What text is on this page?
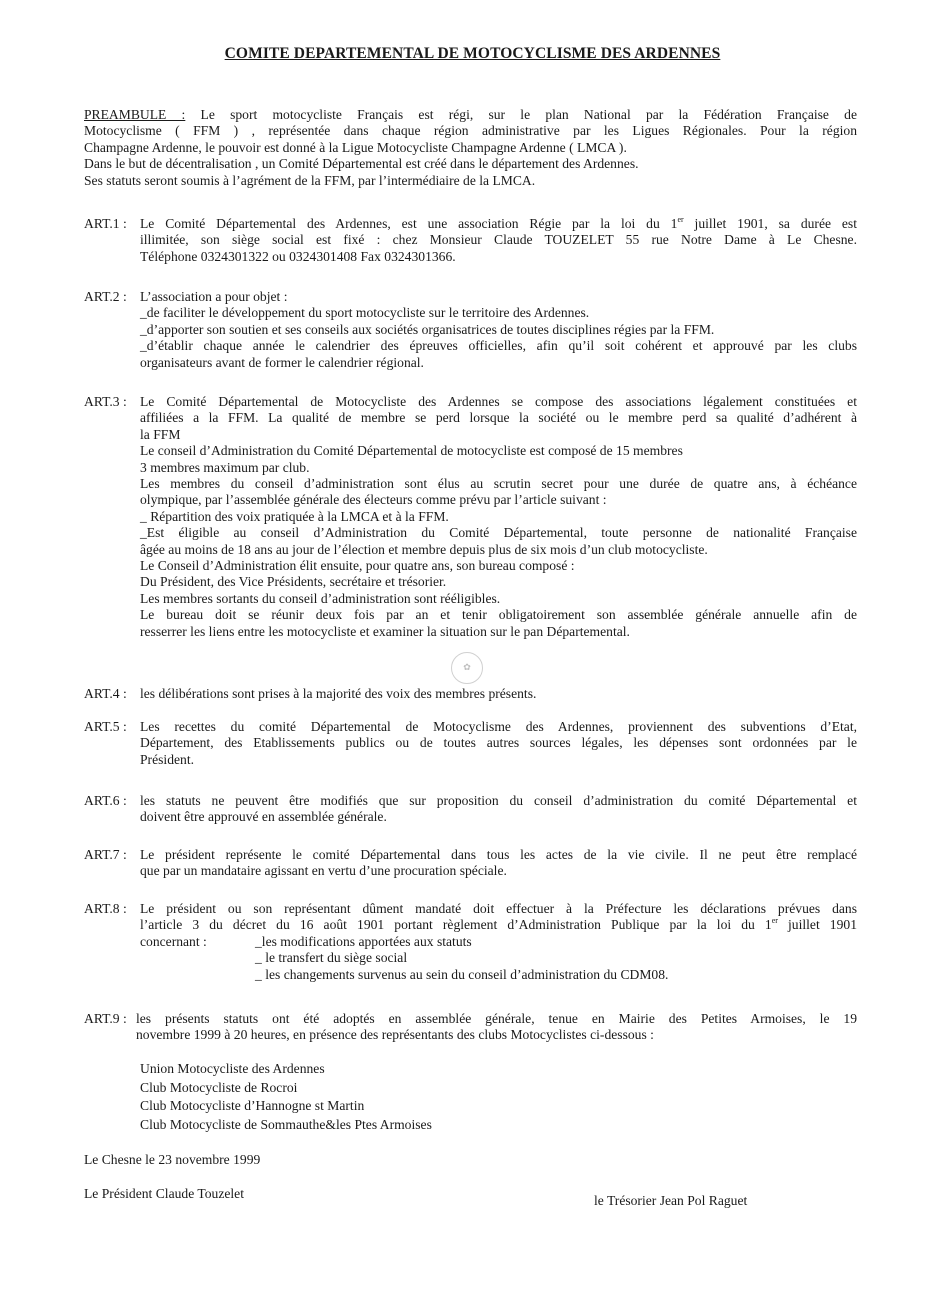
COMITE DEPARTEMENTAL DE MOTOCYCLISME DES ARDENNES
PREAMBULE : Le sport motocycliste Français est régi, sur le plan National par la Fédération Française de
Motocyclisme ( FFM ) , représentée dans chaque région administrative par les Ligues Régionales. Pour la région
Champagne Ardenne, le pouvoir est donné à la Ligue Motocycliste Champagne Ardenne ( LMCA ).
Dans le but de décentralisation , un Comité Départemental est créé dans le département des Ardennes.
Ses statuts seront soumis à l’agrément de la FFM, par l’intermédiaire de la LMCA.
ART.1 : Le Comité Départemental des Ardennes, est une association Régie par la loi du 1er juillet 1901, sa durée est
illimitée, son siège social est fixé : chez Monsieur Claude TOUZELET 55 rue Notre Dame à Le Chesne.
Téléphone 0324301322 ou 0324301408 Fax 0324301366.
ART.2 : L’association a pour objet :
_de faciliter le développement du sport motocycliste sur le territoire des Ardennes.
_d’apporter son soutien et ses conseils aux sociétés organisatrices de toutes disciplines régies par la FFM.
_d’établir chaque année le calendrier des épreuves officielles, afin qu’il soit cohérent et approuvé par les clubs
organisateurs avant de former le calendrier régional.
ART.3 : Le Comité Départemental de Motocycliste des Ardennes se compose des associations légalement constituées et
affiliées a la FFM. La qualité de membre se perd lorsque la société ou le membre perd sa qualité d’adhérent à
la FFM
Le conseil d’Administration du Comité Départemental de motocycliste est composé de 15 membres
3 membres maximum par club.
Les membres du conseil d’administration sont élus au scrutin secret pour une durée de quatre ans, à échéance
olympique, par l’assemblée générale des électeurs comme prévu par l’article suivant :
_ Répartition des voix pratiquée à la LMCA et à la FFM.
_Est éligible au conseil d’Administration du Comité Départemental, toute personne de nationalité Française
âgée au moins de 18 ans au jour de l’élection et membre depuis plus de six mois d’un club motocycliste.
Le Conseil d’Administration élit ensuite, pour quatre ans, son bureau composé :
Du Président, des Vice Présidents, secrétaire et trésorier.
Les membres sortants du conseil d’administration sont rééligibles.
Le bureau doit se réunir deux fois par an et tenir obligatoirement son assemblée générale annuelle afin de
resserrer les liens entre les motocycliste et examiner la situation sur le pan Départemental.
✿
ART.4 : les délibérations sont prises à la majorité des voix des membres présents.
ART.5 : Les recettes du comité Départemental de Motocyclisme des Ardennes, proviennent des subventions d’Etat,
Département, des Etablissements publics ou de toutes autres sources légales, les dépenses sont ordonnées par le
Président.
ART.6 : les statuts ne peuvent être modifiés que sur proposition du conseil d’administration du comité Départemental et
doivent être approuvé en assemblée générale.
ART.7 : Le président représente le comité Départemental dans tous les actes de la vie civile. Il ne peut être remplacé
que par un mandataire agissant en vertu d’une procuration spéciale.
ART.8 : Le président ou son représentant dûment mandaté doit effectuer à la Préfecture les déclarations prévues dans
l’article 3 du décret du 16 août 1901 portant règlement d’Administration Publique par la loi du 1er juillet 1901
concernant :	_les modifications apportées aux statuts
_ le transfert du siège social
_ les changements survenus au sein du conseil d’administration du CDM08.
ART.9 : les présents statuts ont été adoptés en assemblée générale, tenue en Mairie des Petites Armoises, le 19
novembre 1999 à 20 heures, en présence des représentants des clubs Motocyclistes ci-dessous :
Union Motocycliste des Ardennes
Club Motocycliste de Rocroi
Club Motocycliste d’Hannogne st Martin
Club Motocycliste de Sommauthe&les Ptes Armoises
Le Chesne le 23 novembre 1999
Le Président Claude Touzelet	le Trésorier Jean Pol Raguet
